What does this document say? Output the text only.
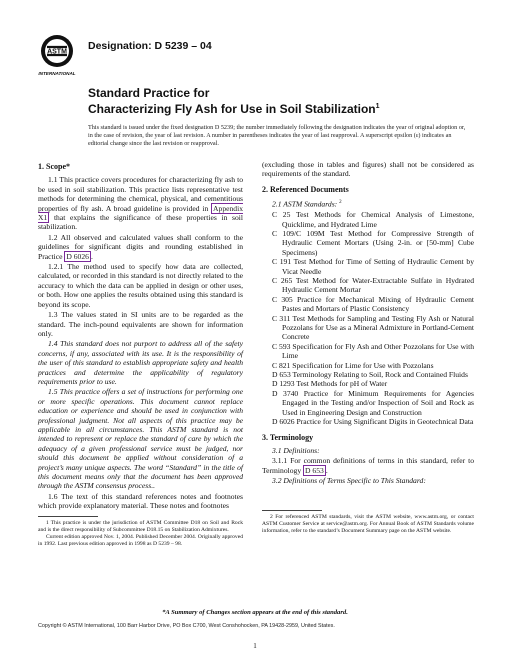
ASTM
INTERNATIONAL
Designation: D 5239 – 04
Standard Practice for
Characterizing Fly Ash for Use in Soil Stabilization$^1$
This standard is issued under the fixed designation D 5239; the number immediately following the designation indicates the year of original adoption or, in the case of revision, the year of last revision. A number in parentheses indicates the year of last reapproval. A superscript epsilon (ε) indicates an editorial change since the last revision or reapproval.
1. Scope*

1.1 This practice covers procedures for characterizing fly ash to be used in soil stabilization. This practice lists representative test methods for determining the chemical, physical, and cementitious properties of fly ash. A broad guideline is provided in Appendix X1 that explains the significance of these properties in soil stabilization.

1.2 All observed and calculated values shall conform to the guidelines for significant digits and rounding established in Practice D 6026 .

1.2.1 The method used to specify how data are collected, calculated, or recorded in this standard is not directly related to the accuracy to which the data can be applied in design or other uses, or both. How one applies the results obtained using this standard is beyond its scope.

1.3 The values stated in SI units are to be regarded as the standard. The inch-pound equivalents are shown for information only.

1.4 This standard does not purport to address all of the safety concerns, if any, associated with its use. It is the responsibility of the user of this standard to establish appropriate safety and health practices and determine the applicability of regulatory requirements prior to use.

1.5 This practice offers a set of instructions for performing one or more specific operations. This document cannot replace education or experience and should be used in conjunction with professional judgment. Not all aspects of this practice may be applicable in all circumstances. This ASTM standard is not intended to represent or replace the standard of care by which the adequacy of a given professional service must be judged, nor should this document be applied without consideration of a project’s many unique aspects. The word “Standard” in the title of this document means only that the document has been approved through the ASTM consensus process..

1.6 The text of this standard references notes and footnotes which provide explanatory material. These notes and footnotes

1 This practice is under the jurisdiction of ASTM Committee D18 on Soil and Rock and is the direct responsibility of Subcommittee D18.15 on Stabilization Admixtures.

Current edition approved Nov. 1, 2004. Published December 2004. Originally approved in 1992. Last previous edition approved in 1998 as D 5239 – 98.

(excluding those in tables and figures) shall not be considered as requirements of the standard.

2. Referenced Documents

2.1 ASTM Standards: $^2$

C 25 Test Methods for Chemical Analysis of Limestone, Quicklime, and Hydrated Lime

C 109/C 109M Test Method for Compressive Strength of Hydraulic Cement Mortars (Using 2-in. or [50-mm] Cube Specimens)

C 191 Test Method for Time of Setting of Hydraulic Cement by Vicat Needle

C 265 Test Method for Water-Extractable Sulfate in Hydrated Hydraulic Cement Mortar

C 305 Practice for Mechanical Mixing of Hydraulic Cement Pastes and Mortars of Plastic Consistency

C 311 Test Methods for Sampling and Testing Fly Ash or Natural Pozzolans for Use as a Mineral Admixture in Portland-Cement Concrete

C 593 Specification for Fly Ash and Other Pozzolans for Use with Lime

C 821 Specification for Lime for Use with Pozzolans

D 653 Terminology Relating to Soil, Rock and Contained Fluids

D 1293 Test Methods for pH of Water

D 3740 Practice for Minimum Requirements for Agencies Engaged in the Testing and/or Inspection of Soil and Rock as Used in Engineering Design and Construction

D 6026 Practice for Using Significant Digits in Geotechnical Data

3. Terminology

3.1 Definitions:

3.1.1 For common definitions of terms in this standard, refer to Terminology D 653 .

3.2 Definitions of Terms Specific to This Standard:

2 For referenced ASTM standards, visit the ASTM website, www.astm.org, or contact ASTM Customer Service at service@astm.org. For Annual Book of ASTM Standards volume information, refer to the standard’s Document Summary page on the ASTM website.

*A Summary of Changes section appears at the end of this standard.
Copyright © ASTM International, 100 Barr Harbor Drive, PO Box C700, West Conshohocken, PA 19428-2959, United States.
1
